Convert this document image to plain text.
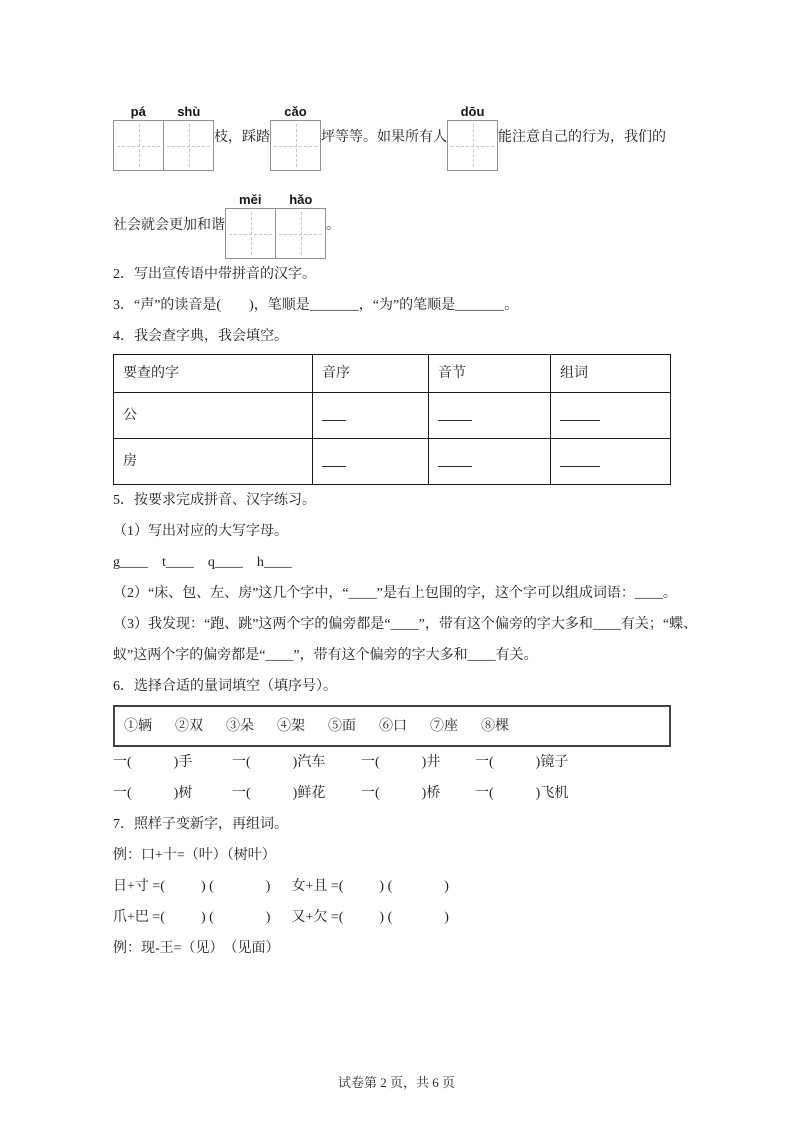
pá	shù
枝，踩踏
cǎo
坪等等。如果所有人
dōu
能注意自己的行为，我们的
社会就会更加和谐
měi	hǎo
。

2．写出宣传语中带拼音的汉字。

3．“声”的读音是(　　)，笔顺是_______，“为”的笔顺是_______。

4．我会查字典，我会填空。

要查的字	音序	音节	组词
公			
房			

5．按要求完成拼音、汉字练习。

（1）写出对应的大写字母。

g____　t____　q____　h____

（2）“床、包、左、房”这几个字中，“____”是右上包围的字，这个字可以组成词语：____。

（3）我发现：“跑、跳”这两个字的偏旁都是“____”，带有这个偏旁的字大多和____有关；“蝶、

蚁”这两个字的偏旁都是“____”，带有这个偏旁的字大多和____有关。

6．选择合适的量词填空（填序号）。

①辆 ②双 ③朵 ④架 ⑤面 ⑥口 ⑦座 ⑧棵
一(	)手	一(	)汽车	一(	)井	一(	)镜子
一(	)树	一(	)鲜花	一(	)桥	一(	)飞机

7．照样子变新字，再组词。

例：口+十=（叶）（树叶）

日+寸 =(	) (	) 女+且 =(	) (	)
爪+巴 =(	) (	) 又+欠 =(	) (	)

例：现-王=（见）　（见面）

试卷第 2 页，共 6 页
